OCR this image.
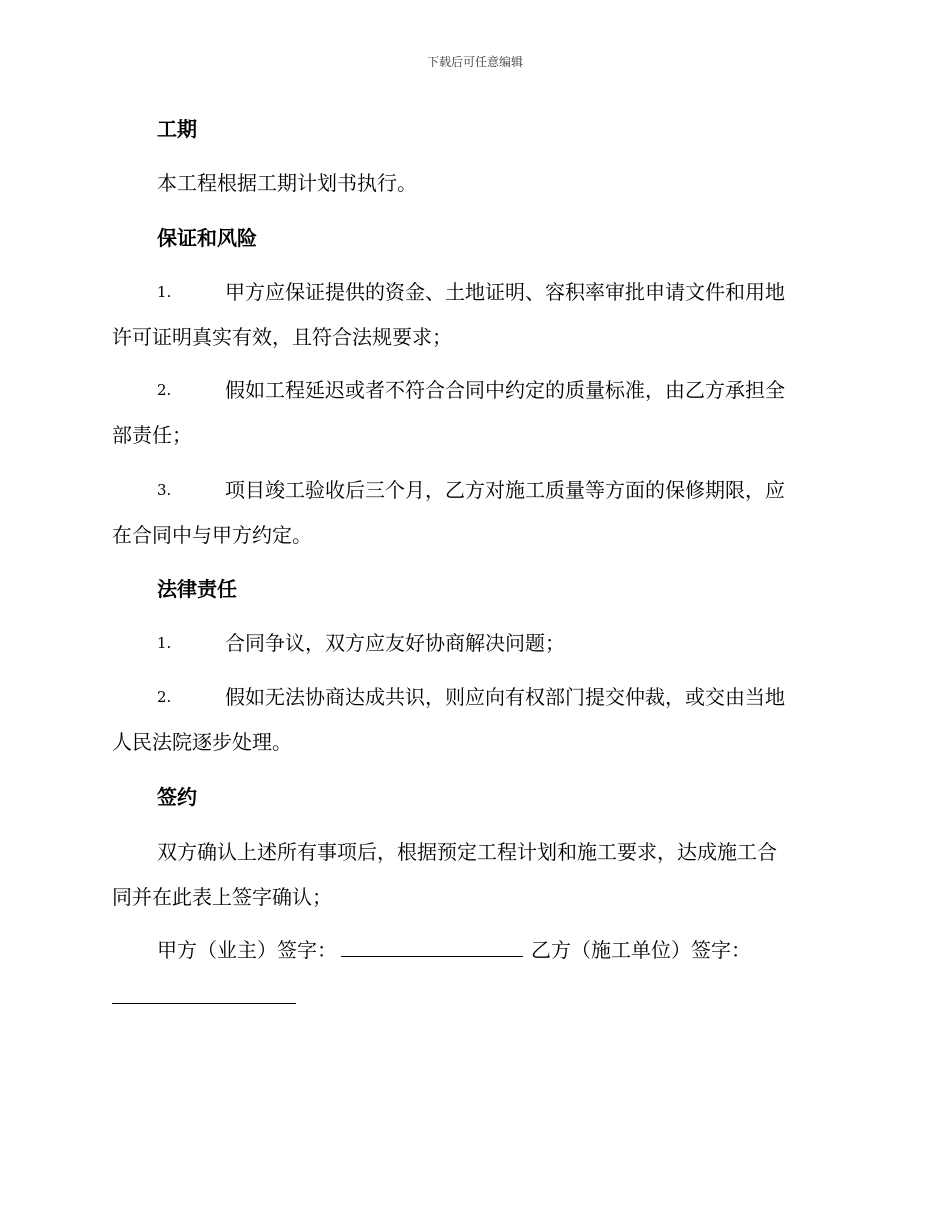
下载后可任意编辑
工期
本工程根据工期计划书执行。
保证和风险
1.	甲方应保证提供的资金、土地证明、容积率审批申请文件和用地
许可证明真实有效，且符合法规要求；
2.	假如工程延迟或者不符合合同中约定的质量标准，由乙方承担全
部责任；
3.	项目竣工验收后三个月，乙方对施工质量等方面的保修期限，应
在合同中与甲方约定。
法律责任
1.	合同争议，双方应友好协商解决问题；
2.	假如无法协商达成共识，则应向有权部门提交仲裁，或交由当地
人民法院逐步处理。
签约
双方确认上述所有事项后，根据预定工程计划和施工要求，达成施工合
同并在此表上签字确认；
甲方（业主）签字：	乙方（施工单位）签字：
